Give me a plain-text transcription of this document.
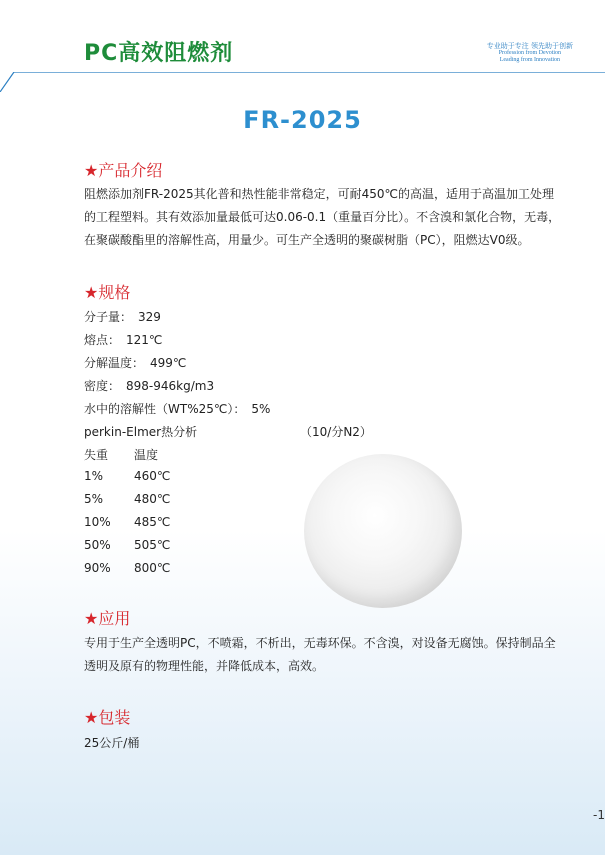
PC高效阻燃剂	专业助于专注 领先助于创新
Profession from Devotion
Leading from Innovation
FR-2025
★产品介绍

阻燃添加剂FR-2025其化普和热性能非常稳定，可耐450℃的高温，适用于高温加工处理的工程塑料。其有效添加量最低可达0.06-0.1（重量百分比）。不含溴和氯化合物，无毒，在聚碳酸酯里的溶解性高，用量少。可生产全透明的聚碳树脂（PC），阻燃达V0级。

★规格
分子量： 329
熔点： 121℃
分解温度： 499℃
密度： 898-946kg/m3
水中的溶解性（WT%25℃）： 5%
perkin-Elmer热分析	（10/分N2）
失重 温度
1%	460℃
5%	480℃
10% 485℃
50% 505℃
90% 800℃
★应用

专用于生产全透明PC，不喷霜，不析出，无毒环保。不含溴，对设备无腐蚀。保持制品全透明及原有的物理性能，并降低成本，高效。

★包装

25公斤/桶

-1
